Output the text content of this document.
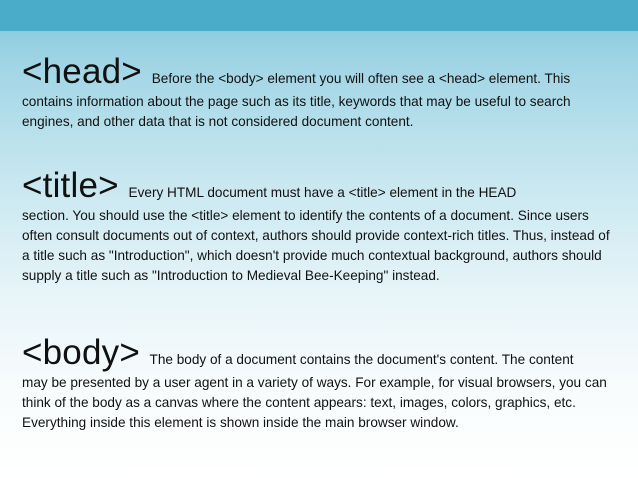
<head> Before the <body> element you will often see a <head> element. This
contains information about the page such as its title, keywords that may be useful to search engines, and other data that is not considered document content.
<title> Every HTML document must have a <title> element in the HEAD
section. You should use the <title> element to identify the contents of a document. Since users often consult documents out of context, authors should provide context-rich titles. Thus, instead of a title such as "Introduction", which doesn't provide much contextual background, authors should supply a title such as "Introduction to Medieval Bee-Keeping" instead.
<body> The body of a document contains the document's content. The content
may be presented by a user agent in a variety of ways. For example, for visual browsers, you can think of the body as a canvas where the content appears: text, images, colors, graphics, etc. Everything inside this element is shown inside the main browser window.
